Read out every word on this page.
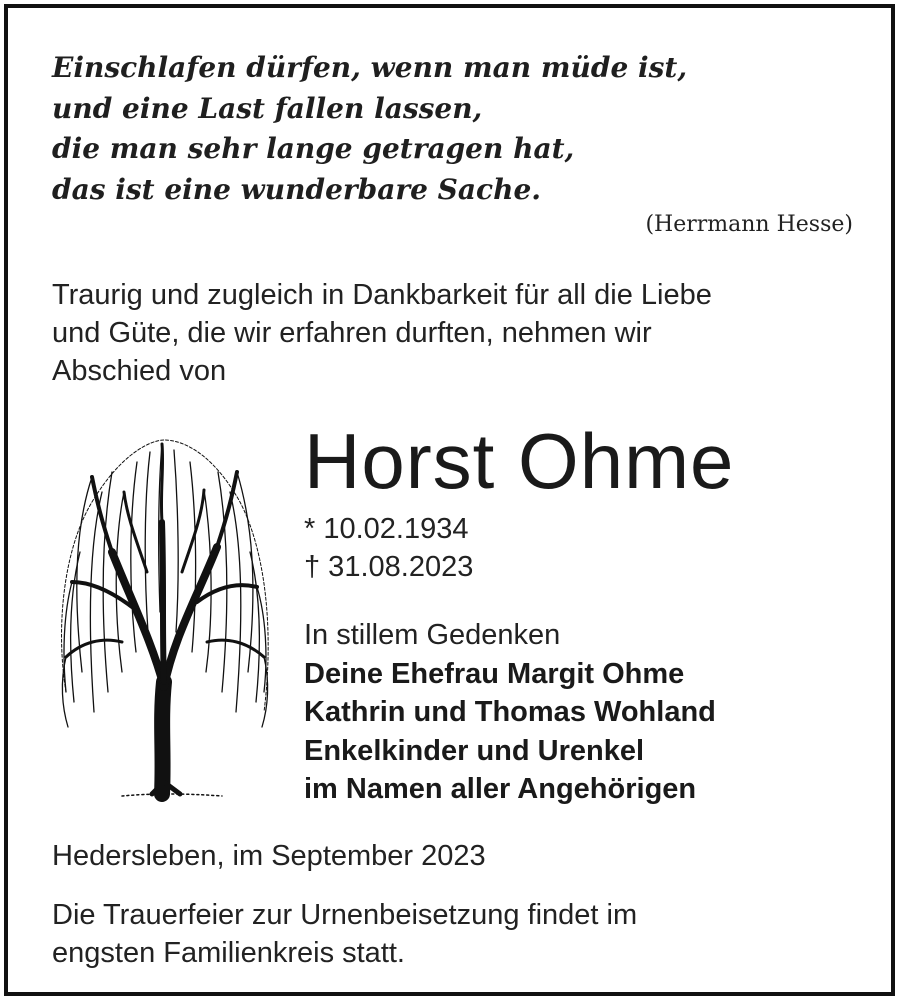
Einschlafen dürfen, wenn man müde ist,
und eine Last fallen lassen,
die man sehr lange getragen hat,
das ist eine wunderbare Sache.
(Herrmann Hesse)
Traurig und zugleich in Dankbarkeit für all die Liebe
und Güte, die wir erfahren durften, nehmen wir
Abschied von
Horst Ohme
* 10.02.1934
† 31.08.2023
In stillem Gedenken
Deine Ehefrau Margit Ohme
Kathrin und Thomas Wohland
Enkelkinder und Urenkel
im Namen aller Angehörigen
Hedersleben, im September 2023
Die Trauerfeier zur Urnenbeisetzung findet im
engsten Familienkreis statt.
